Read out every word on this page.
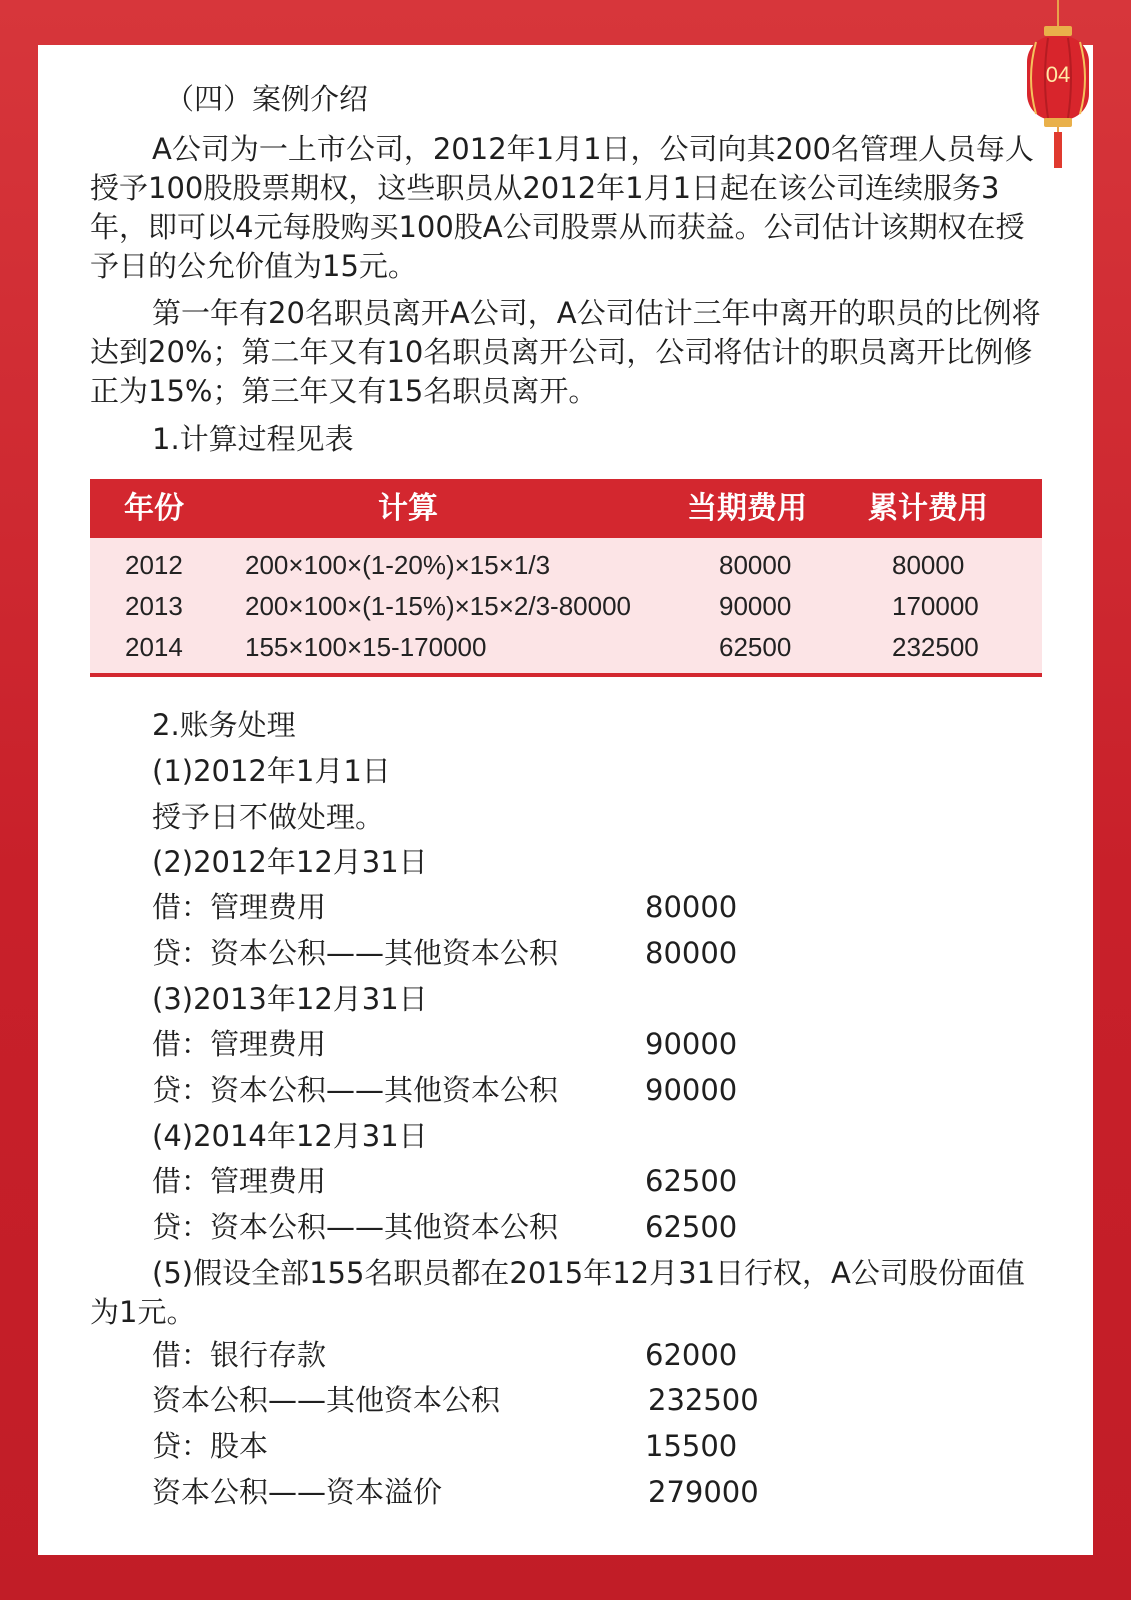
04
（四）案例介绍
A公司为一上市公司，2012年1月1日，公司向其200名管理人员每人授予100股股票期权，这些职员从2012年1月1日起在该公司连续服务3年，即可以4元每股购买100股A公司股票从而获益。公司估计该期权在授予日的公允价值为15元。
第一年有20名职员离开A公司，A公司估计三年中离开的职员的比例将达到20%；第二年又有10名职员离开公司，公司将估计的职员离开比例修正为15%；第三年又有15名职员离开。
1.计算过程见表
年份	计算	当期费用 累计费用
2012 200×100×(1-20%)×15×1/3	80000	80000
2013 200×100×(1-15%)×15×2/3-80000	90000	170000
2014 155×100×15-170000	62500	232500
2.账务处理
(1)2012年1月1日
授予日不做处理。
(2)2012年12月31日
借：管理费用	80000
贷：资本公积——其他资本公积	80000
(3)2013年12月31日
借：管理费用	90000
贷：资本公积——其他资本公积	90000
(4)2014年12月31日
借：管理费用	62500
贷：资本公积——其他资本公积	62500
(5)假设全部155名职员都在2015年12月31日行权，A公司股份面值为1元。
借：银行存款	62000
资本公积——其他资本公积	232500
贷：股本	15500
资本公积——资本溢价	279000
